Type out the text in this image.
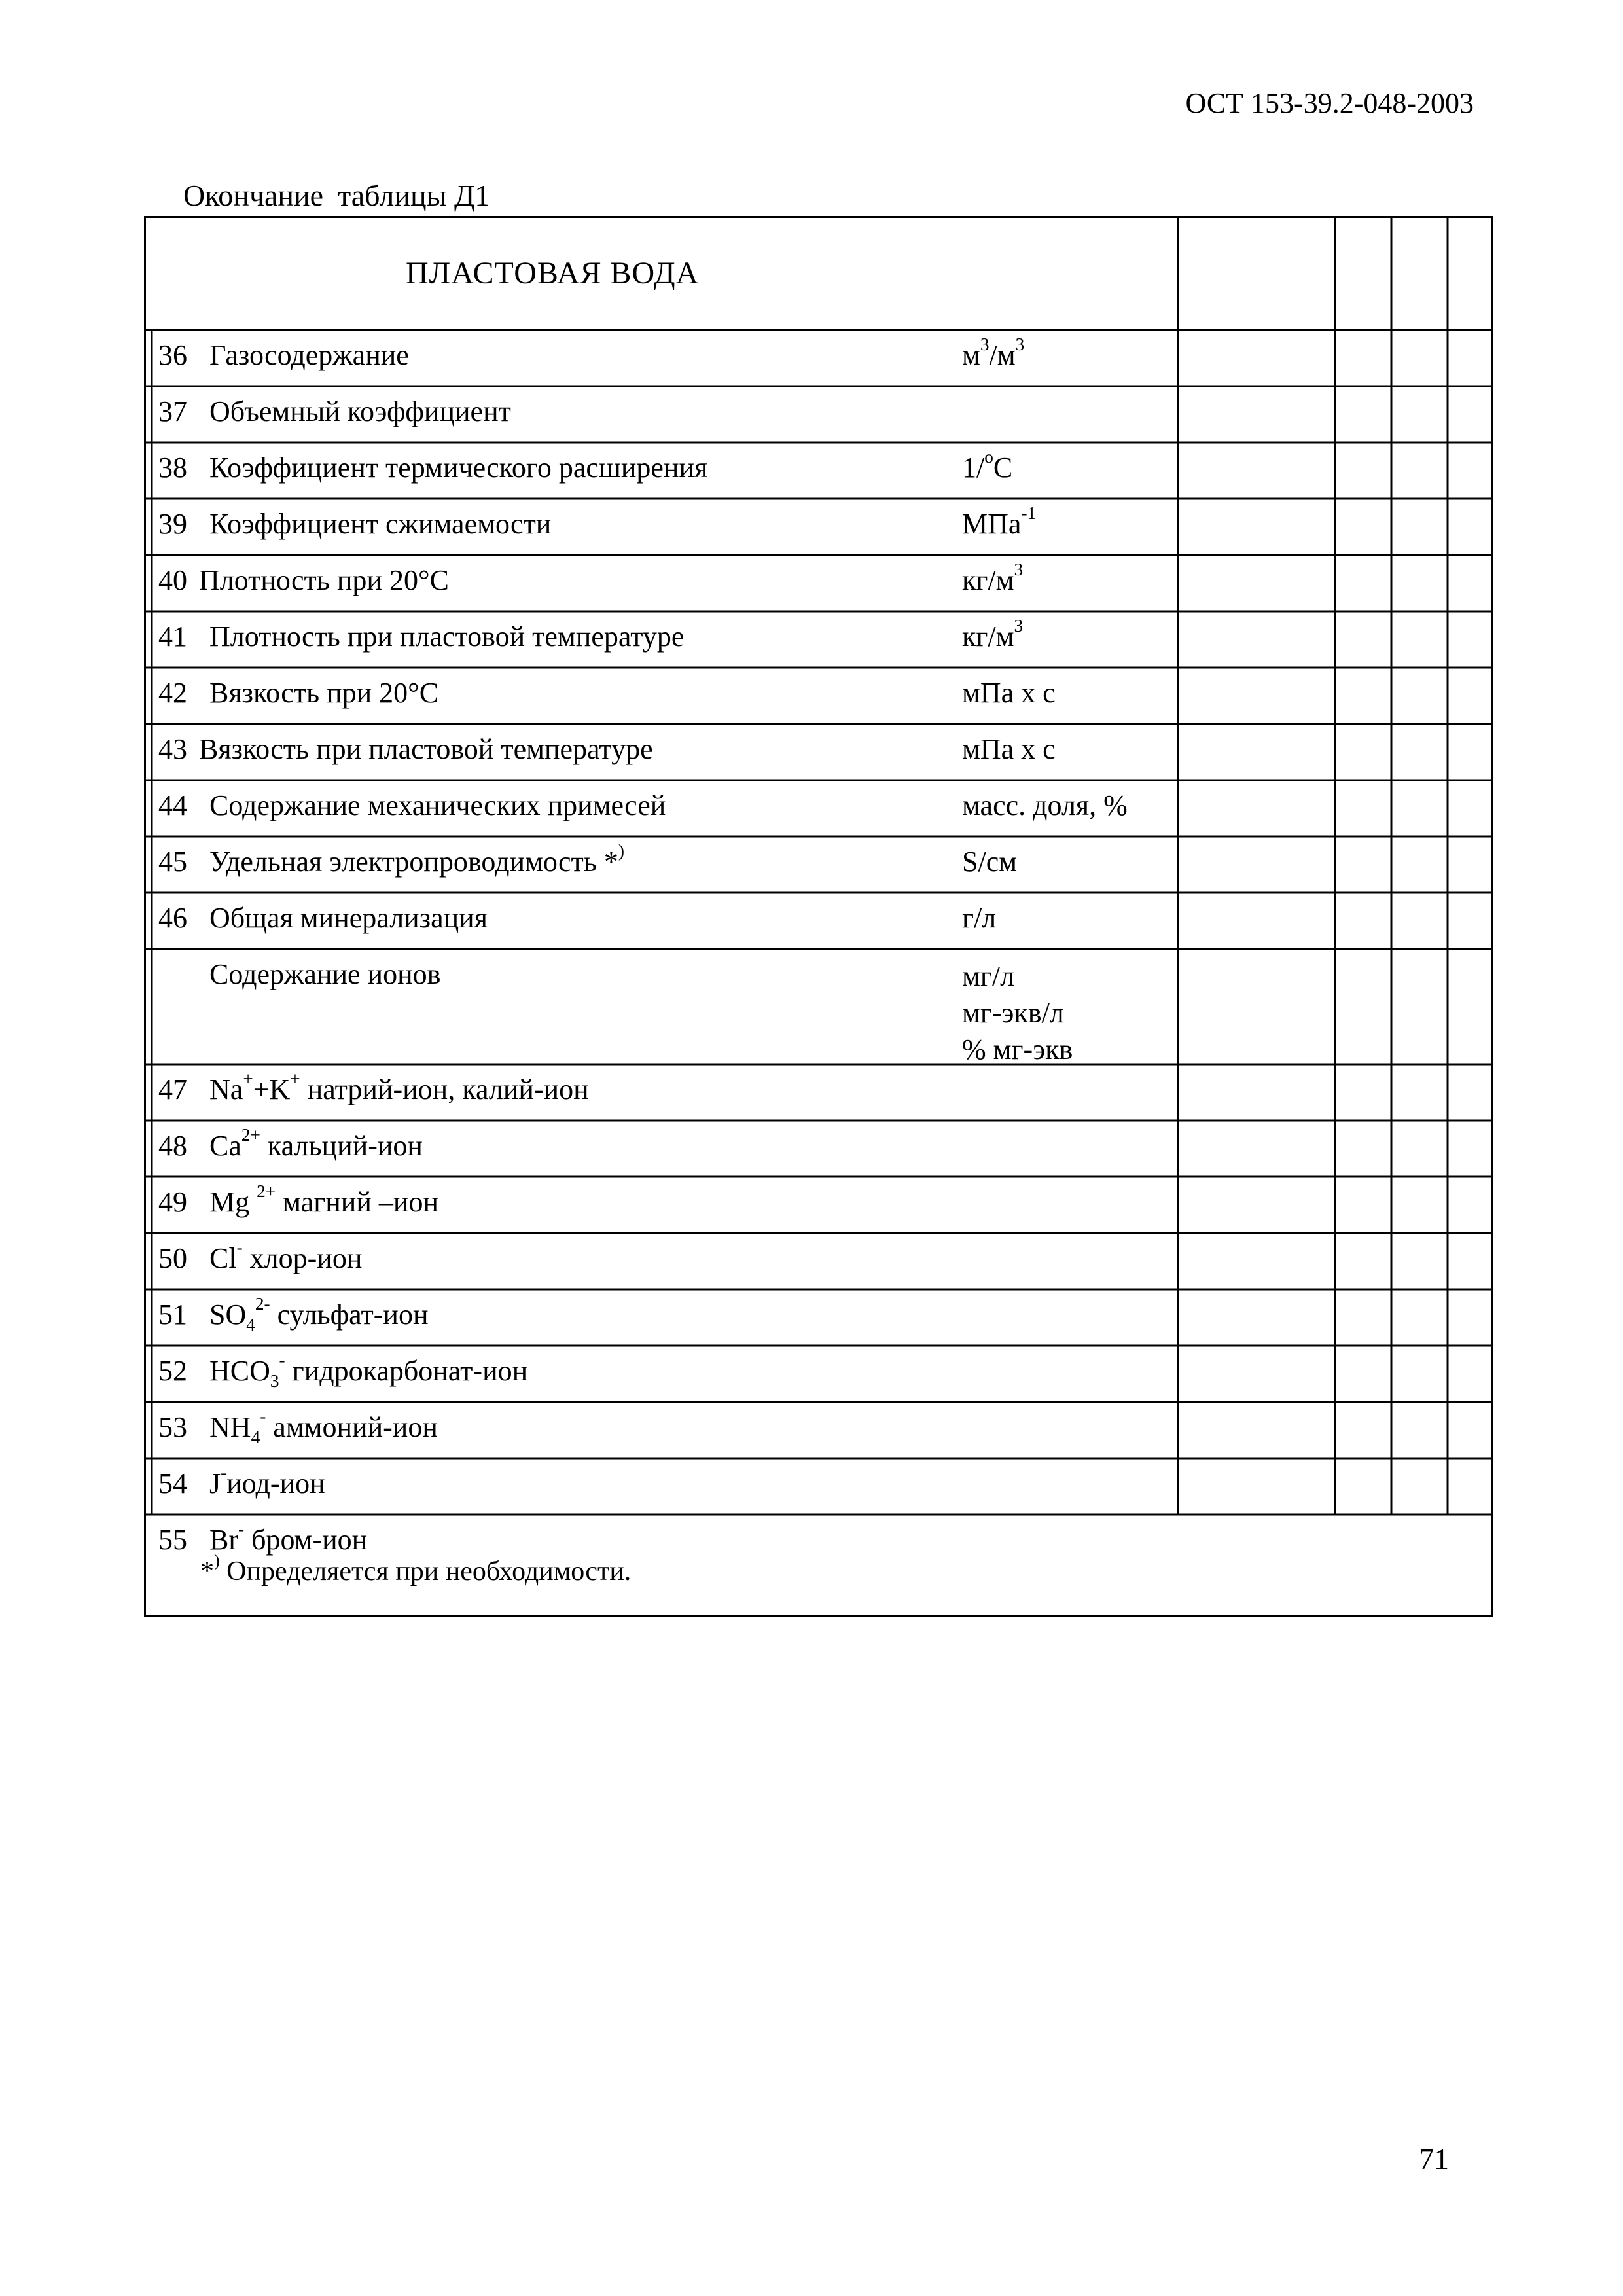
ОСТ 153-39.2-048-2003
Окончание таблицы Д1
ПЛАСТОВАЯ ВОДА
36 Газосодержание	$м^3/м^3$
37 Объемный коэффициент
38 Коэффициент термического расширения	1/$^o$C
39 Коэффициент сжимаемости	МПа$^{-1}$
40 Плотность при 20°С	$кг/м^3$
41 Плотность при пластовой температуре	$кг/м^3$
42 Вязкость при 20°С	мПа х с
43 Вязкость при пластовой температуре	мПа х с
44 Содержание механических примесей	масс. доля, %
45 Удельная электропроводимость *)	S/см
46 Общая минерализация	г/л
Содержание ионов	мг/л
мг-экв/л
% мг-экв
47 Na++K+ натрий-ион, калий-ион
48 $Ca^{2+}$ кальций-ион
49 Mg $^{2+}$ магний –ион
50 Cl- хлор-ион
51 $SO_4^{2-}$ сульфат-ион
52 $HCO_3^-$ гидрокарбонат-ион
53 $NH_4^-$ аммоний-ион
54 J-иод-ион
55 Br- бром-ион
*) Определяется при необходимости.
71
